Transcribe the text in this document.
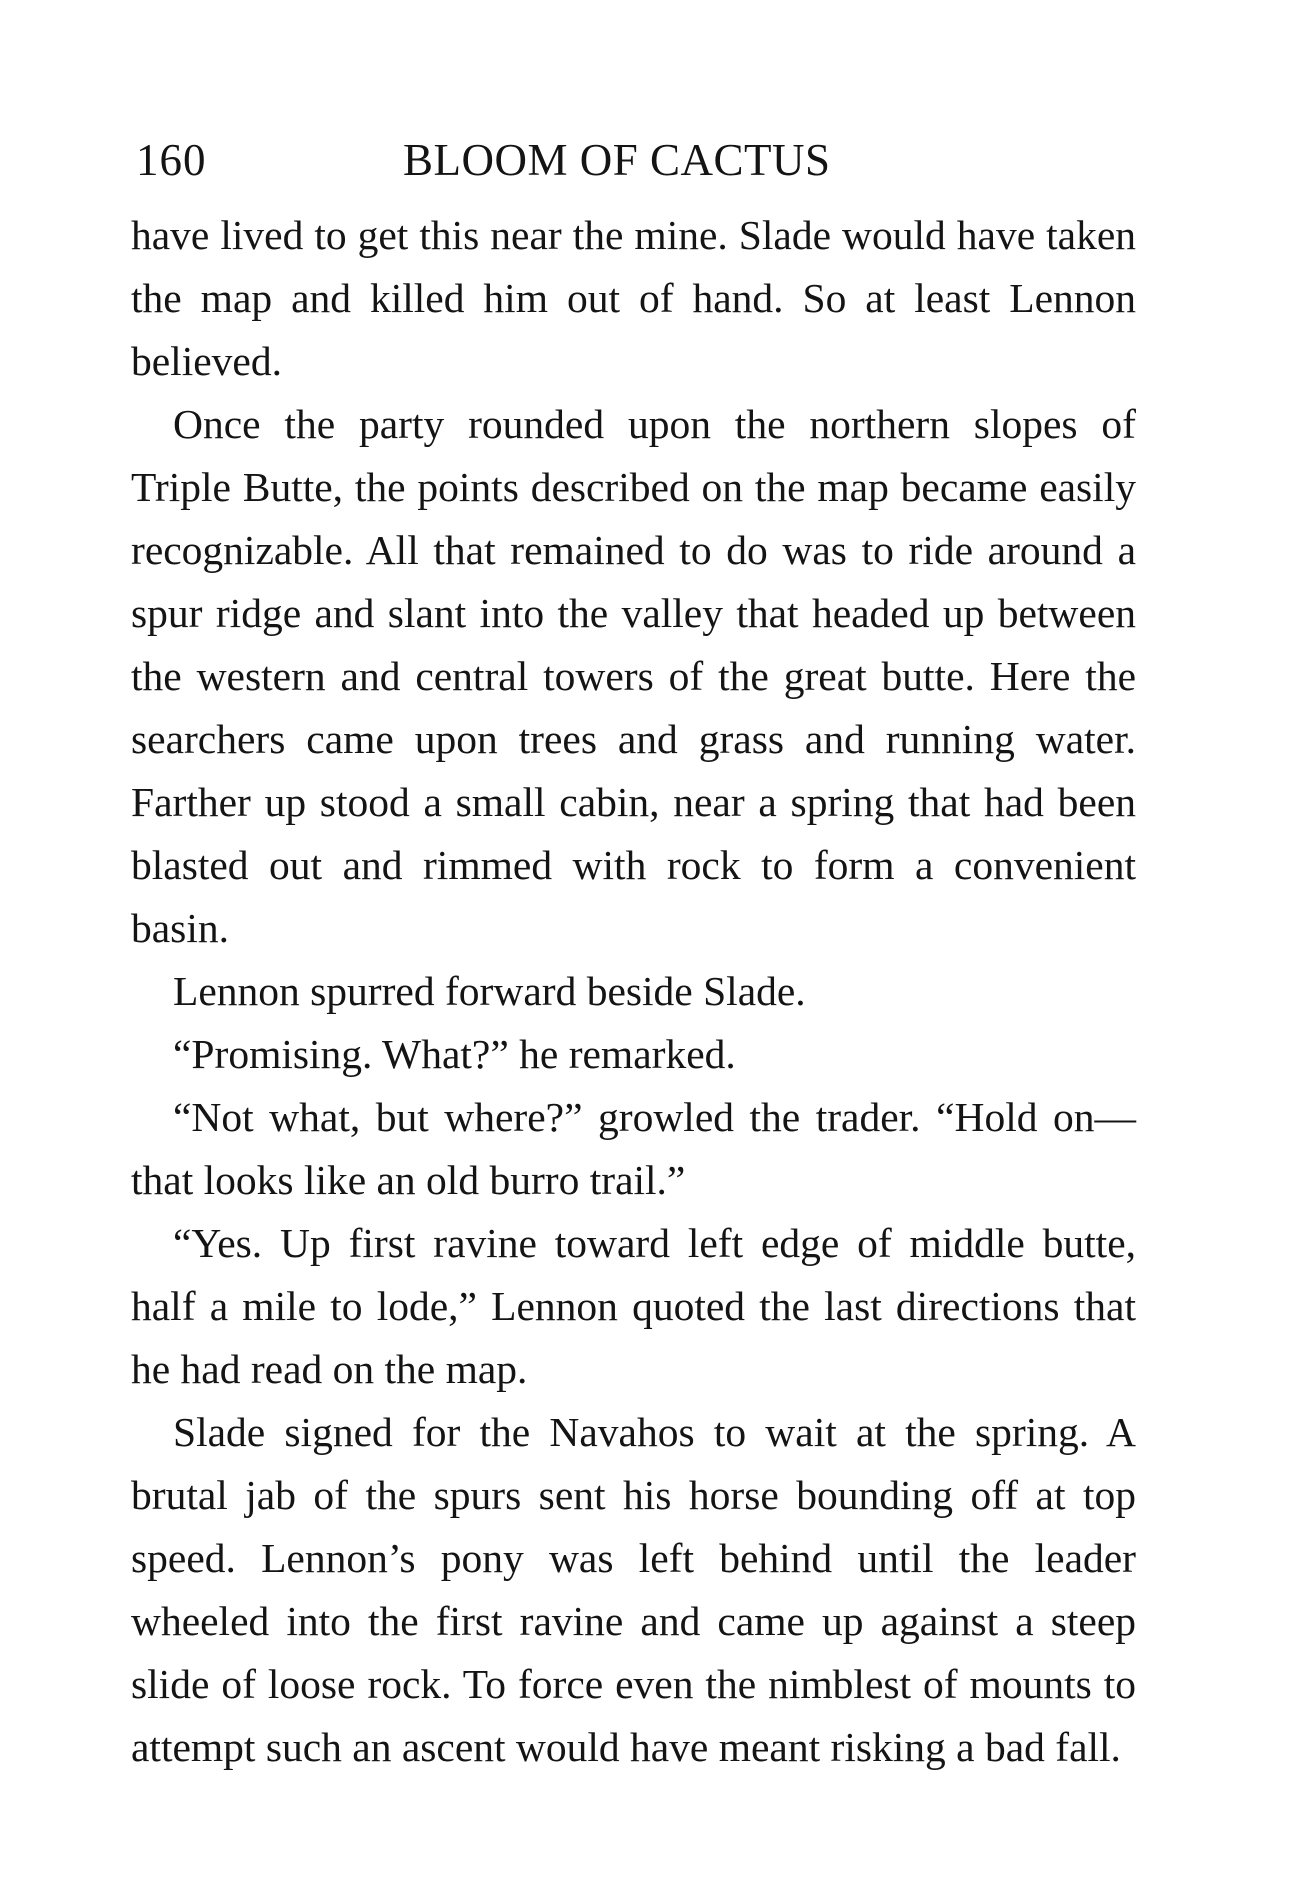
160	BLOOM OF CACTUS

have lived to get this near the mine. Slade would have taken the map and killed him out of hand. So at least Lennon believed.

Once the party rounded upon the northern slopes of Triple Butte, the points described on the map became easily recognizable. All that remained to do was to ride around a spur ridge and slant into the valley that headed up between the western and central towers of the great butte. Here the searchers came upon trees and grass and running water. Farther up stood a small cabin, near a spring that had been blasted out and rimmed with rock to form a convenient basin.

Lennon spurred forward beside Slade.

“Promising. What?” he remarked.

“Not what, but where?” growled the trader. “Hold on—that looks like an old burro trail.”

“Yes. Up first ravine toward left edge of middle butte, half a mile to lode,” Lennon quoted the last directions that he had read on the map.

Slade signed for the Navahos to wait at the spring. A brutal jab of the spurs sent his horse bounding off at top speed. Lennon’s pony was left behind until the leader wheeled into the first ravine and came up against a steep slide of loose rock. To force even the nimblest of mounts to attempt such an ascent would have meant risking a bad fall.
